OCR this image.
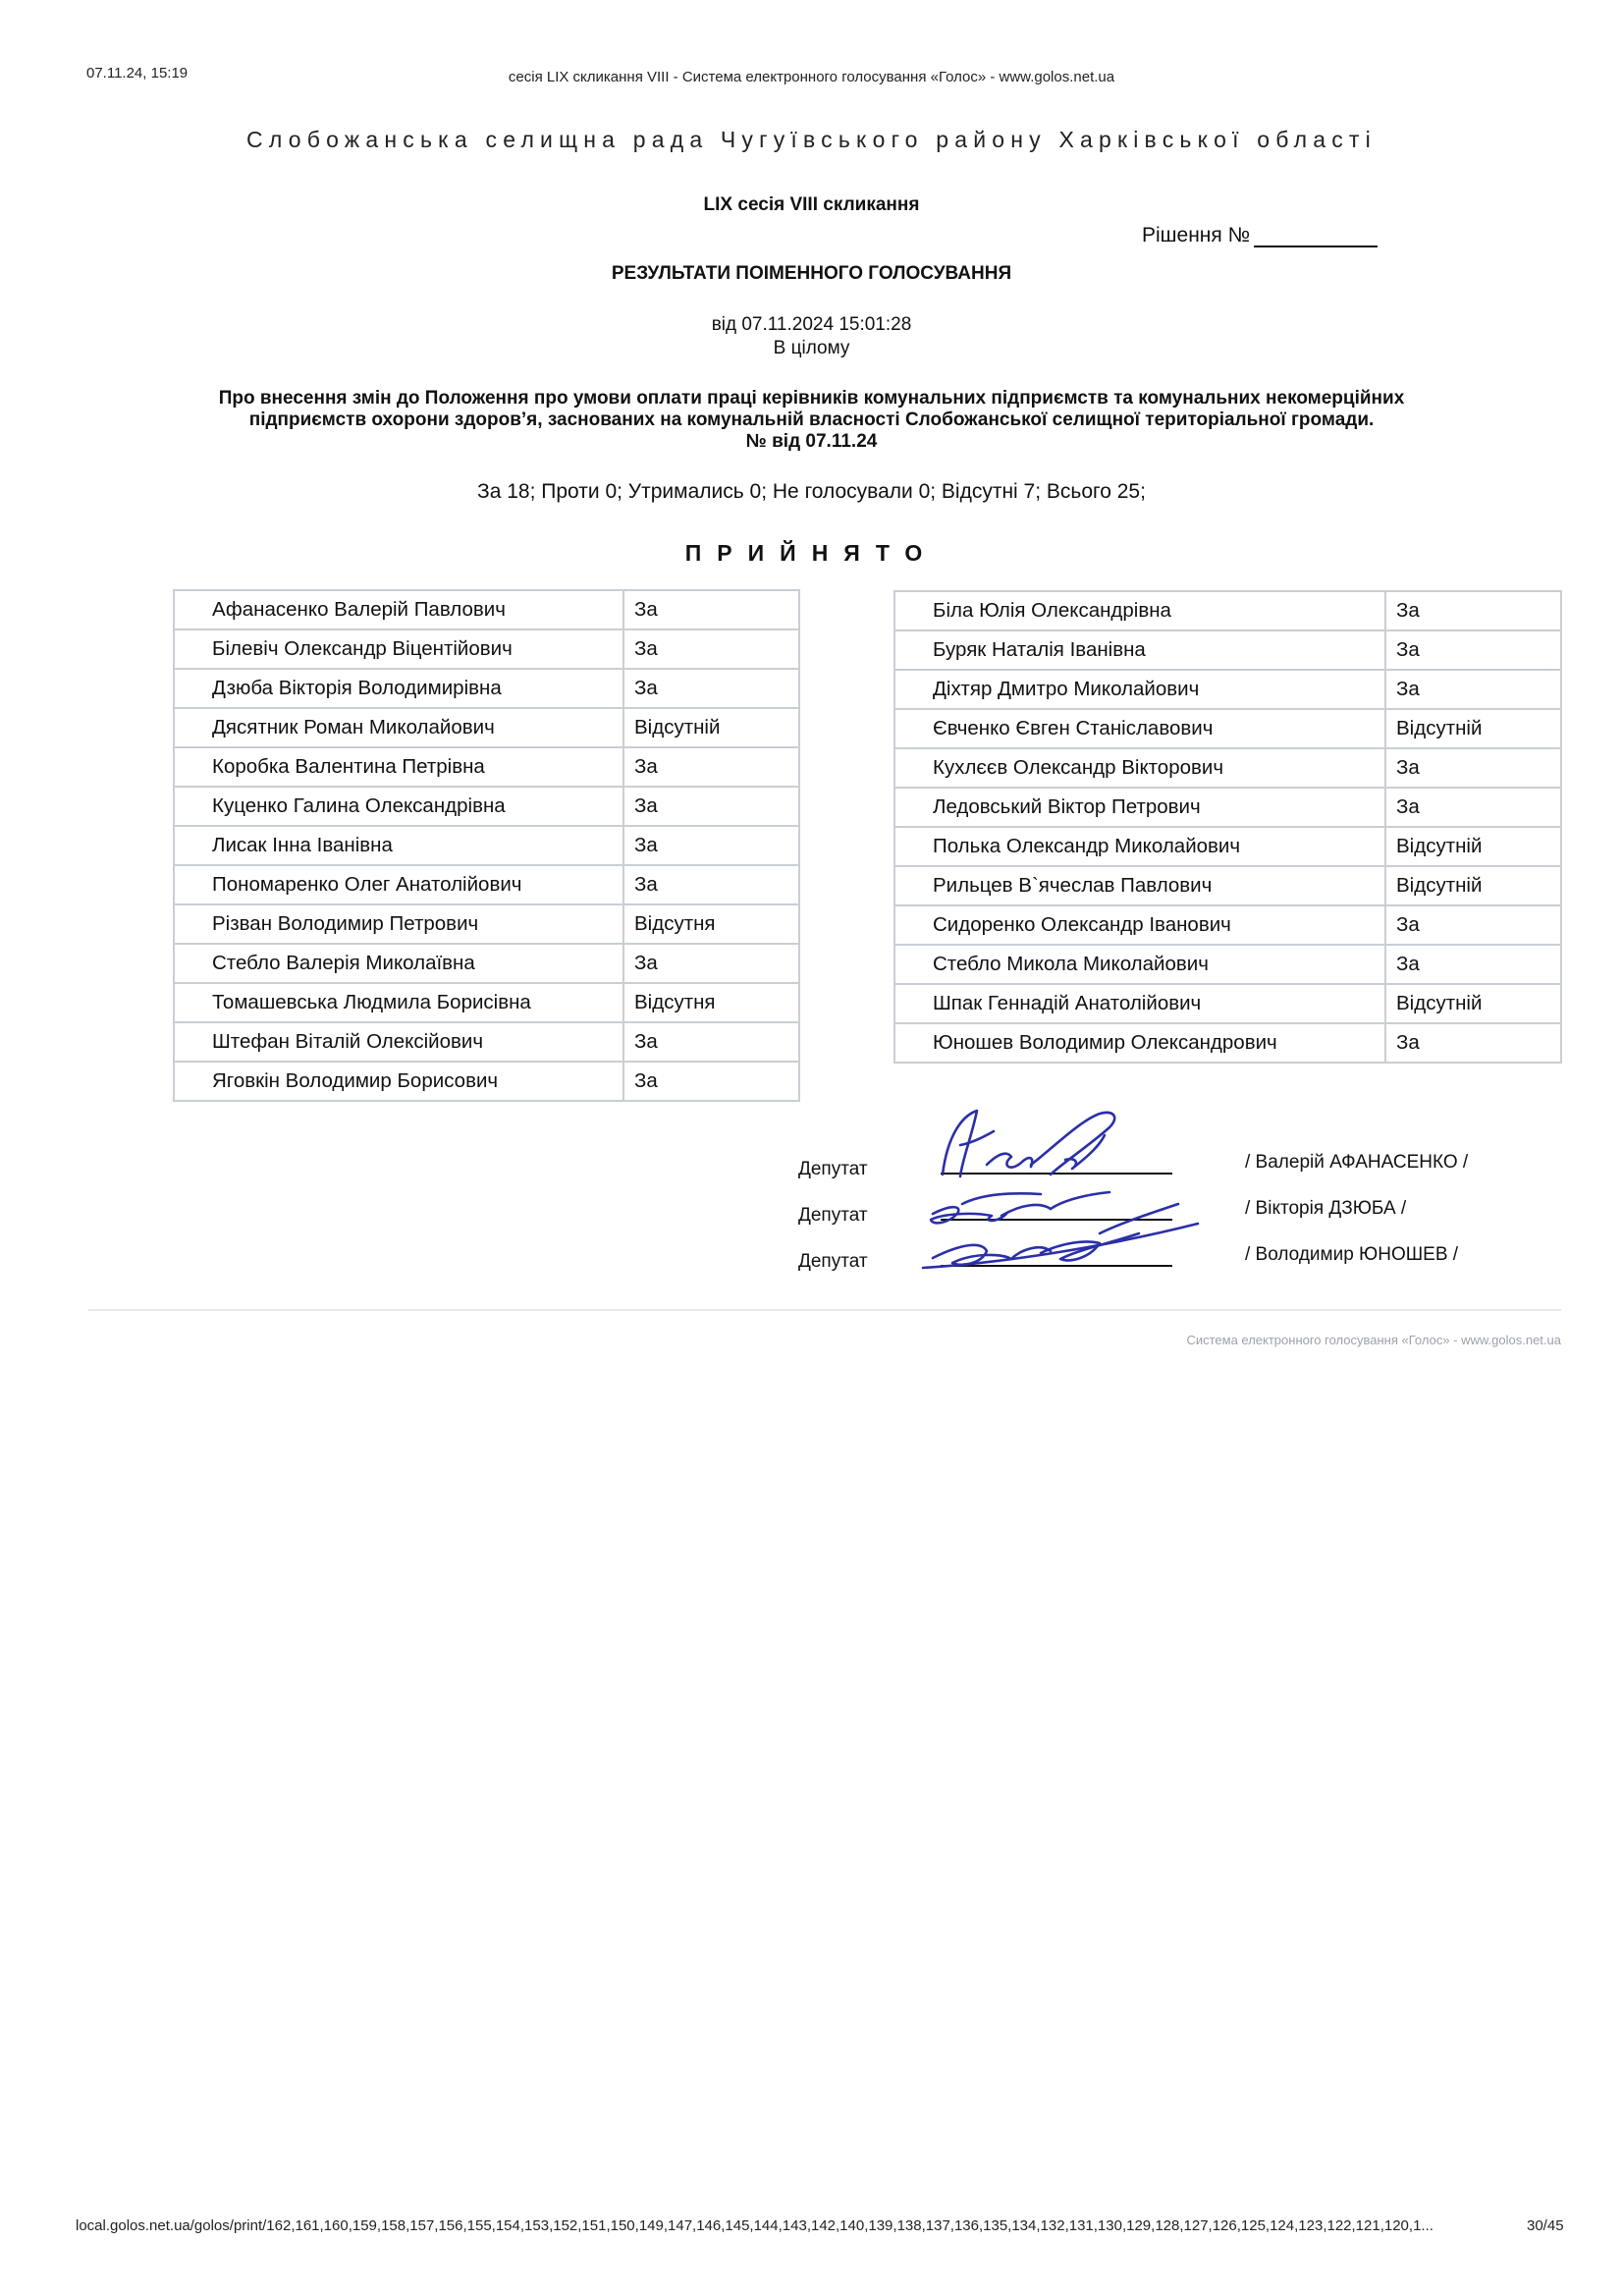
07.11.24, 15:19	сесія LIX скликання VIII - Система електронного голосування «Голос» - www.golos.net.ua
Слобожанська селищна рада Чугуївського району Харківської області
LIX сесія VIII скликання
Рішення №
РЕЗУЛЬТАТИ ПОІМЕННОГО ГОЛОСУВАННЯ
від 07.11.2024 15:01:28
В цілому
Про внесення змін до Положення про умови оплати праці керівників комунальних підприємств та комунальних некомерційних
підприємств охорони здоров’я, заснованих на комунальній власності Слобожанської селищної територіальної громади.
№ від 07.11.24
За 18; Проти 0; Утримались 0; Не голосували 0; Відсутні 7; Всього 25;
ПРИЙНЯТО
Афанасенко Валерій Павлович	За
Білевіч Олександр Віцентійович	За
Дзюба Вікторія Володимирівна	За
Дясятник Роман Миколайович	Відсутній
Коробка Валентина Петрівна	За
Куценко Галина Олександрівна	За
Лисак Інна Іванівна	За
Пономаренко Олег Анатолійович	За
Різван Володимир Петрович	Відсутня
Стебло Валерія Миколаївна	За
Томашевська Людмила Борисівна	Відсутня
Штефан Віталій Олексійович	За
Яговкін Володимир Борисович	За
Біла Юлія Олександрівна	За
Буряк Наталія Іванівна	За
Діхтяр Дмитро Миколайович	За
Євченко Євген Станіславович	Відсутній
Кухлєєв Олександр Вікторович	За
Ледовський Віктор Петрович	За
Полька Олександр Миколайович	Відсутній
Рильцев В`ячеслав Павлович	Відсутній
Сидоренко Олександр Іванович	За
Стебло Микола Миколайович	За
Шпак Геннадій Анатолійович	Відсутній
Юношев Володимир Олександрович	За
Депутат
Депутат
Депутат
/ Валерій АФАНАСЕНКО /
/ Вікторія ДЗЮБА /
/ Володимир ЮНОШЕВ /
Система електронного голосування «Голос» - www.golos.net.ua
local.golos.net.ua/golos/print/162,161,160,159,158,157,156,155,154,153,152,151,150,149,147,146,145,144,143,142,140,139,138,137,136,135,134,132,131,130,129,128,127,126,125,124,123,122,121,120,1...	30/45
